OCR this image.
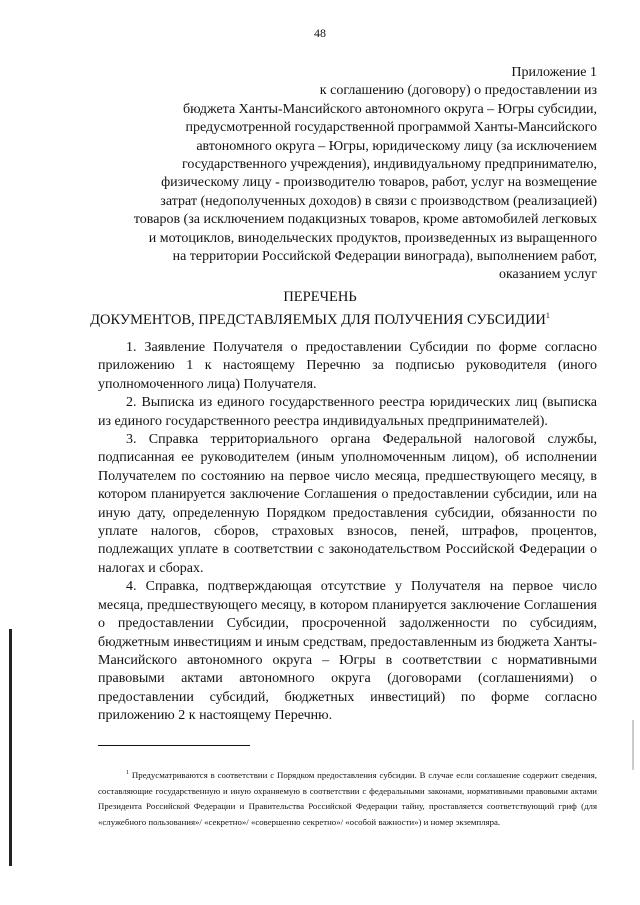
48
Приложение 1
к соглашению (договору) о предоставлении из
бюджета Ханты-Мансийского автономного округа – Югры субсидии,
предусмотренной государственной программой Ханты-Мансийского
автономного округа – Югры, юридическому лицу (за исключением
государственного учреждения), индивидуальному предпринимателю,
физическому лицу - производителю товаров, работ, услуг на возмещение
затрат (недополученных доходов) в связи с производством (реализацией)
товаров (за исключением подакцизных товаров, кроме автомобилей легковых
и мотоциклов, винодельческих продуктов, произведенных из выращенного
на территории Российской Федерации винограда), выполнением работ,
оказанием услуг
ПЕРЕЧЕНЬ
ДОКУМЕНТОВ, ПРЕДСТАВЛЯЕМЫХ ДЛЯ ПОЛУЧЕНИЯ СУБСИДИИ$^1$

1. Заявление Получателя о предоставлении Субсидии по форме согласно приложению 1 к настоящему Перечню за подписью руководителя (иного уполномоченного лица) Получателя.

2. Выписка из единого государственного реестра юридических лиц (выписка из единого государственного реестра индивидуальных предпринимателей).

3. Справка территориального органа Федеральной налоговой службы, подписанная ее руководителем (иным уполномоченным лицом), об исполнении Получателем по состоянию на первое число месяца, предшествующего месяцу, в котором планируется заключение Соглашения о предоставлении субсидии, или на иную дату, определенную Порядком предоставления субсидии, обязанности по уплате налогов, сборов, страховых взносов, пеней, штрафов, процентов, подлежащих уплате в соответствии с законодательством Российской Федерации о налогах и сборах.

4. Справка, подтверждающая отсутствие у Получателя на первое число месяца, предшествующего месяцу, в котором планируется заключение Соглашения о предоставлении Субсидии, просроченной задолженности по субсидиям, бюджетным инвестициям и иным средствам, предоставленным из бюджета Ханты-Мансийского автономного округа – Югры в соответствии с нормативными правовыми актами автономного округа (договорами (соглашениями) о предоставлении субсидий, бюджетных инвестиций) по форме согласно приложению 2 к настоящему Перечню.

$^1$ Предусматриваются в соответствии с Порядком предоставления субсидии. В случае если соглашение содержит сведения, составляющие государственную и иную охраняемую в соответствии с федеральными законами, нормативными правовыми актами Президента Российской Федерации и Правительства Российской Федерации тайну, проставляется соответствующий гриф (для «служебного пользования»/ «секретно»/ «совершенно секретно»/ «особой важности») и номер экземпляра.
